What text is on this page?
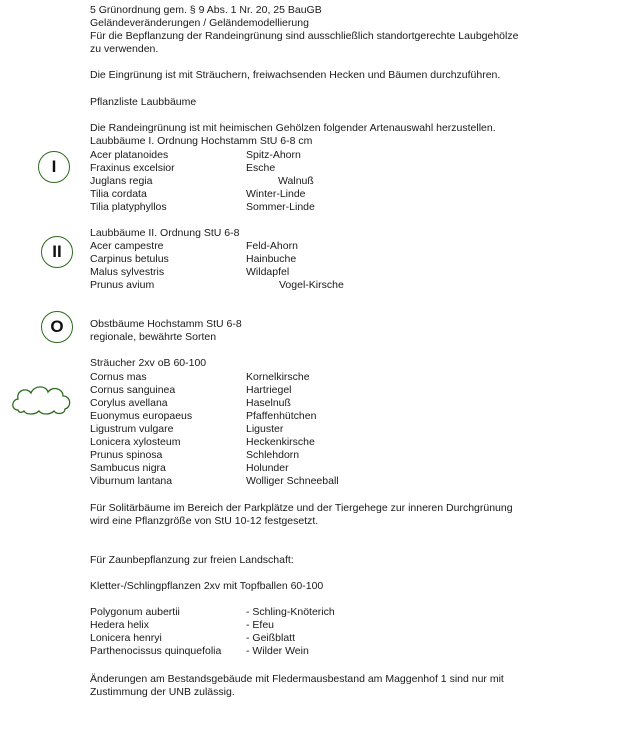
5 Grünordnung gem. § 9 Abs. 1 Nr. 20, 25 BauGB
Geländeveränderungen / Geländemodellierung
Für die Bepflanzung der Randeingrünung sind ausschließlich standortgerechte Laubgehölze
zu verwenden.
Die Eingrünung ist mit Sträuchern, freiwachsenden Hecken und Bäumen durchzuführen.
Pflanzliste Laubbäume
Die Randeingrünung ist mit heimischen Gehölzen folgender Artenauswahl herzustellen.
I
Laubbäume I. Ordnung Hochstamm StU 6-8 cm
Acer platanoides	Spitz-Ahorn
Fraxinus excelsior	Esche
Juglans regia	Walnuß
Tilia cordata	Winter-Linde
Tilia platyphyllos	Sommer-Linde
II
Laubbäume II. Ordnung StU 6-8
Acer campestre	Feld-Ahorn
Carpinus betulus	Hainbuche
Malus sylvestris	Wildapfel
Prunus avium	Vogel-Kirsche
O	Obstbäume Hochstamm StU 6-8
regionale, bewährte Sorten
Sträucher 2xv oB 60-100
Cornus mas	Kornelkirsche
Cornus sanguinea	Hartriegel
Corylus avellana	Haselnuß
Euonymus europaeus	Pfaffenhütchen
Ligustrum vulgare	Liguster
Lonicera xylosteum	Heckenkirsche
Prunus spinosa	Schlehdorn
Sambucus nigra	Holunder
Viburnum lantana	Wolliger Schneeball
Für Solitärbäume im Bereich der Parkplätze und der Tiergehege zur inneren Durchgrünung
wird eine Pflanzgröße von StU 10-12 festgesetzt.
Für Zaunbepflanzung zur freien Landschaft:
Kletter-/Schlingpflanzen 2xv mit Topfballen 60-100
Polygonum aubertii	- Schling-Knöterich
Hedera helix	- Efeu
Lonicera henryi	- Geißblatt
Parthenocissus quinquefolia - Wilder Wein
Änderungen am Bestandsgebäude mit Fledermausbestand am Maggenhof 1 sind nur mit
Zustimmung der UNB zulässig.
